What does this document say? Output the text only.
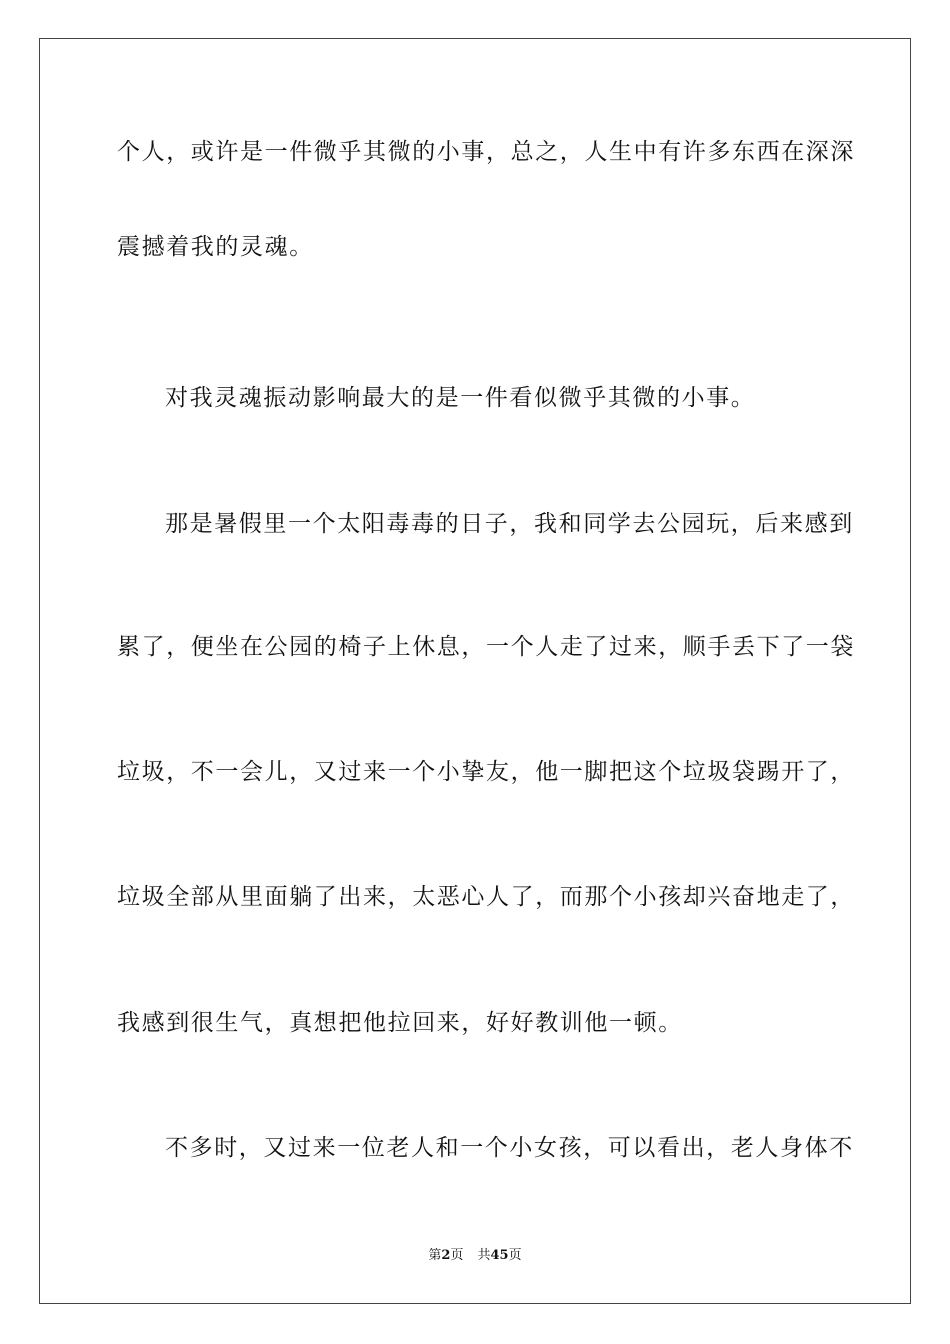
个人，或许是一件微乎其微的小事，总之，人生中有许多东西在深深
震撼着我的灵魂。
对我灵魂振动影响最大的是一件看似微乎其微的小事。
那是暑假里一个太阳毒毒的日子，我和同学去公园玩，后来感到
累了，便坐在公园的椅子上休息，一个人走了过来，顺手丢下了一袋
垃圾，不一会儿，又过来一个小挚友，他一脚把这个垃圾袋踢开了，
垃圾全部从里面躺了出来，太恶心人了，而那个小孩却兴奋地走了，
我感到很生气，真想把他拉回来，好好教训他一顿。
不多时，又过来一位老人和一个小女孩，可以看出，老人身体不
第2页 共45页
